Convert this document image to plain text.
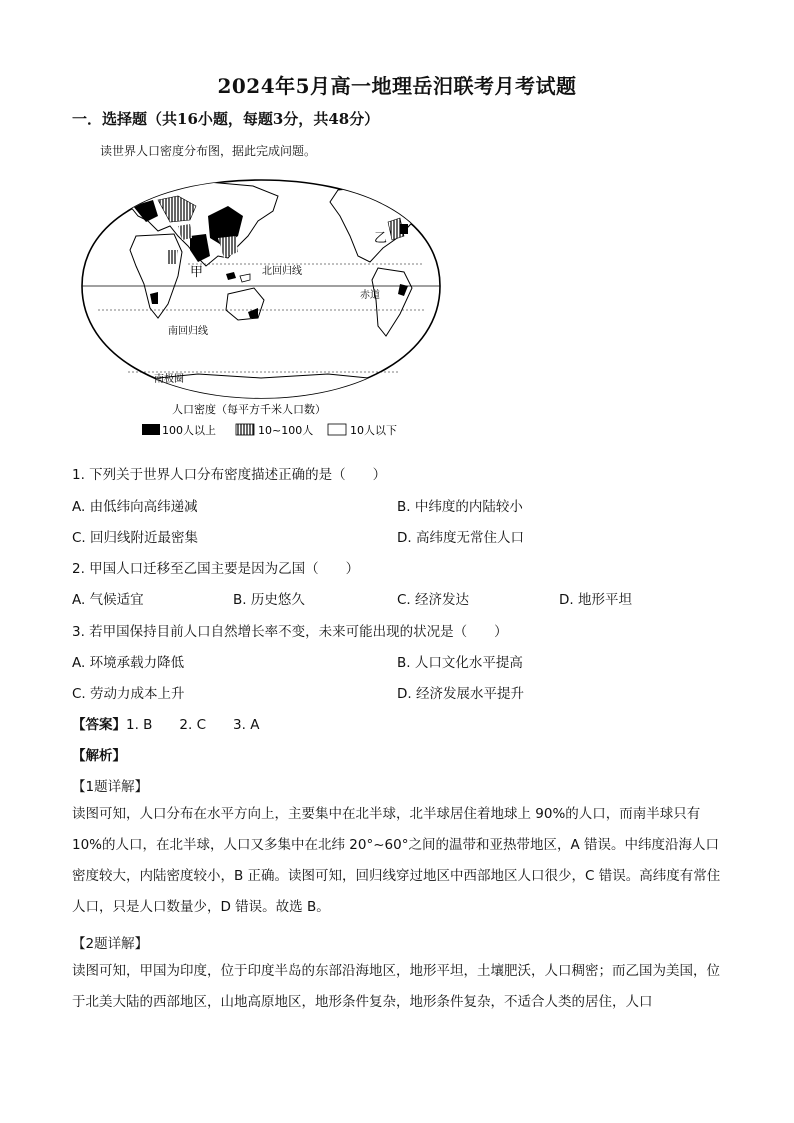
2024年5月高一地理岳汨联考月考试题
一．选择题（共16小题，每题3分，共48分）
读世界人口密度分布图，据此完成问题。
甲
乙
北回归线
赤道
南回归线
南极圈
人口密度（每平方千米人口数）
100人以上	10~100人	10人以下
1. 下列关于世界人口分布密度描述正确的是（　　）
A. 由低纬向高纬递减	B. 中纬度的内陆较小
C. 回归线附近最密集	D. 高纬度无常住人口
2. 甲国人口迁移至乙国主要是因为乙国（　　）
A. 气候适宜	B. 历史悠久	C. 经济发达	D. 地形平坦
3. 若甲国保持目前人口自然增长率不变，未来可能出现的状况是（　　）
A. 环境承载力降低	B. 人口文化水平提高
C. 劳动力成本上升	D. 经济发展水平提升
【答案】1. B　　2. C　　3. A
【解析】
【1题详解】

读图可知，人口分布在水平方向上，主要集中在北半球，北半球居住着地球上 90%的人口，而南半球只有 10%的人口，在北半球，人口又多集中在北纬 20°~60°之间的温带和亚热带地区，A 错误。中纬度沿海人口密度较大，内陆密度较小，B 正确。读图可知，回归线穿过地区中西部地区人口很少，C 错误。高纬度有常住人口，只是人口数量少，D 错误。故选 B。

【2题详解】

读图可知，甲国为印度，位于印度半岛的东部沿海地区，地形平坦，土壤肥沃，人口稠密；而乙国为美国，位于北美大陆的西部地区，山地高原地区，地形条件复杂，地形条件复杂，不适合人类的居住，人口
